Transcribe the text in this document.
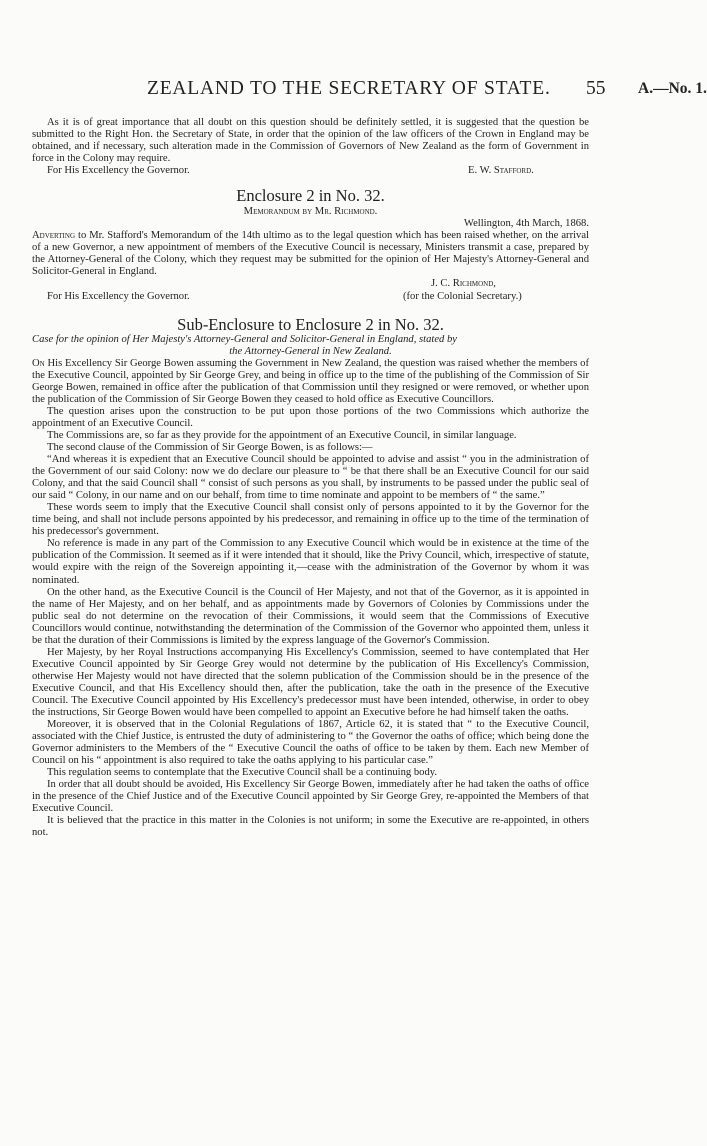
ZEALAND TO THE SECRETARY OF STATE. 55 A.—No. 1.

As it is of great importance that all doubt on this question should be definitely settled, it is suggested that the question be submitted to the Right Hon. the Secretary of State, in order that the opinion of the law officers of the Crown in England may be obtained, and if necessary, such alteration made in the Commission of Governors of New Zealand as the form of Government in force in the Colony may require.

For His Excellency the Governor.	E. W. Stafford.

Enclosure 2 in No. 32.

Memorandum by Mr. Richmond.

Wellington, 4th March, 1868.

Adverting to Mr. Stafford's Memorandum of the 14th ultimo as to the legal question which has been raised whether, on the arrival of a new Governor, a new appointment of members of the Executive Council is necessary, Ministers transmit a case, prepared by the Attorney-General of the Colony, which they request may be submitted for the opinion of Her Majesty's Attorney-General and Solicitor-General in England.

J. C. Richmond,
For His Excellency the Governor.	(for the Colonial Secretary.)

Sub-Enclosure to Enclosure 2 in No. 32.

Case for the opinion of Her Majesty's Attorney-General and Solicitor-General in England, stated by
the Attorney-General in New Zealand.

On His Excellency Sir George Bowen assuming the Government in New Zealand, the question was raised whether the members of the Executive Council, appointed by Sir George Grey, and being in office up to the time of the publishing of the Commission of Sir George Bowen, remained in office after the publication of that Commission until they resigned or were removed, or whether upon the publication of the Commission of Sir George Bowen they ceased to hold office as Executive Councillors.

The question arises upon the construction to be put upon those portions of the two Commissions which authorize the appointment of an Executive Council.

The Commissions are, so far as they provide for the appointment of an Executive Council, in similar language.

The second clause of the Commission of Sir George Bowen, is as follows:—

“And whereas it is expedient that an Executive Council should be appointed to advise and assist “ you in the administration of the Government of our said Colony: now we do declare our pleasure to “ be that there shall be an Executive Council for our said Colony, and that the said Council shall “ consist of such persons as you shall, by instruments to be passed under the public seal of our said “ Colony, in our name and on our behalf, from time to time nominate and appoint to be members of “ the same.”

These words seem to imply that the Executive Council shall consist only of persons appointed to it by the Governor for the time being, and shall not include persons appointed by his predecessor, and remaining in office up to the time of the termination of his predecessor's government.

No reference is made in any part of the Commission to any Executive Council which would be in existence at the time of the publication of the Commission. It seemed as if it were intended that it should, like the Privy Council, which, irrespective of statute, would expire with the reign of the Sovereign appointing it,—cease with the administration of the Governor by whom it was nominated.

On the other hand, as the Executive Council is the Council of Her Majesty, and not that of the Governor, as it is appointed in the name of Her Majesty, and on her behalf, and as appointments made by Governors of Colonies by Commissions under the public seal do not determine on the revocation of their Commissions, it would seem that the Commissions of Executive Councillors would continue, notwithstanding the determination of the Commission of the Governor who appointed them, unless it be that the duration of their Commissions is limited by the express language of the Governor's Commission.

Her Majesty, by her Royal Instructions accompanying His Excellency's Commission, seemed to have contemplated that Her Executive Council appointed by Sir George Grey would not determine by the publication of His Excellency's Commission, otherwise Her Majesty would not have directed that the solemn publication of the Commission should be in the presence of the Executive Council, and that His Excellency should then, after the publication, take the oath in the presence of the Executive Council. The Executive Council appointed by His Excellency's predecessor must have been intended, otherwise, in order to obey the instructions, Sir George Bowen would have been compelled to appoint an Executive before he had himself taken the oaths.

Moreover, it is observed that in the Colonial Regulations of 1867, Article 62, it is stated that “ to the Executive Council, associated with the Chief Justice, is entrusted the duty of administering to “ the Governor the oaths of office; which being done the Governor administers to the Members of the “ Executive Council the oaths of office to be taken by them. Each new Member of Council on his “ appointment is also required to take the oaths applying to his particular case.”

This regulation seems to contemplate that the Executive Council shall be a continuing body.

In order that all doubt should be avoided, His Excellency Sir George Bowen, immediately after he had taken the oaths of office in the presence of the Chief Justice and of the Executive Council appointed by Sir George Grey, re-appointed the Members of that Executive Council.

It is believed that the practice in this matter in the Colonies is not uniform; in some the Executive are re-appointed, in others not.
